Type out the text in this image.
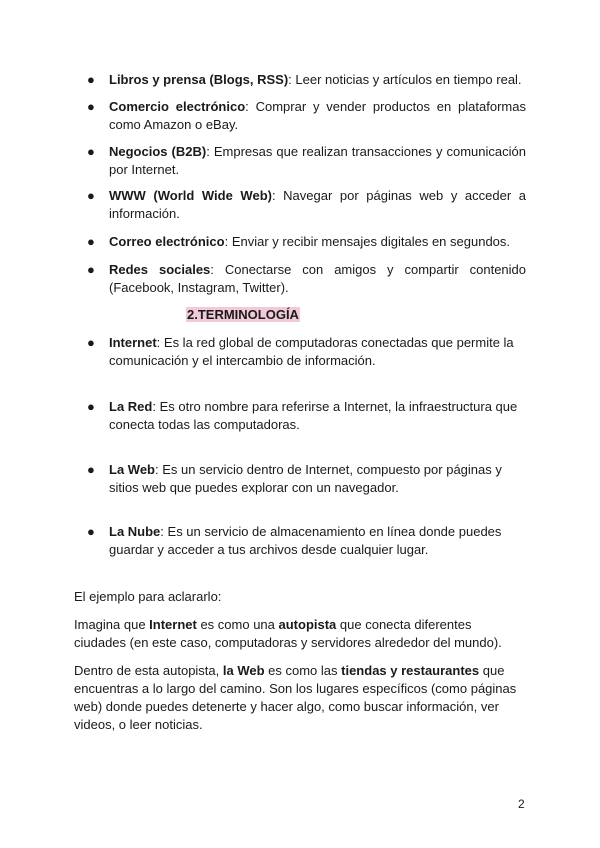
● Libros y prensa (Blogs, RSS): Leer noticias y artículos en tiempo real.
● Comercio electrónico: Comprar y vender productos en plataformas como Amazon o eBay.
● Negocios (B2B): Empresas que realizan transacciones y comunicación por Internet.
● WWW (World Wide Web): Navegar por páginas web y acceder a información.
● Correo electrónico: Enviar y recibir mensajes digitales en segundos.
● Redes sociales: Conectarse con amigos y compartir contenido (Facebook, Instagram, Twitter).
2.TERMINOLOGÍA
● Internet: Es la red global de computadoras conectadas que permite la comunicación y el intercambio de información.
● La Red: Es otro nombre para referirse a Internet, la infraestructura que conecta todas las computadoras.
● La Web: Es un servicio dentro de Internet, compuesto por páginas y sitios web que puedes explorar con un navegador.
● La Nube: Es un servicio de almacenamiento en línea donde puedes guardar y acceder a tus archivos desde cualquier lugar.
El ejemplo para aclararlo:
Imagina que Internet es como una autopista que conecta diferentes ciudades (en este caso, computadoras y servidores alrededor del mundo).
Dentro de esta autopista, la Web es como las tiendas y restaurantes que encuentras a lo largo del camino. Son los lugares específicos (como páginas web) donde puedes detenerte y hacer algo, como buscar información, ver videos, o leer noticias.
2
